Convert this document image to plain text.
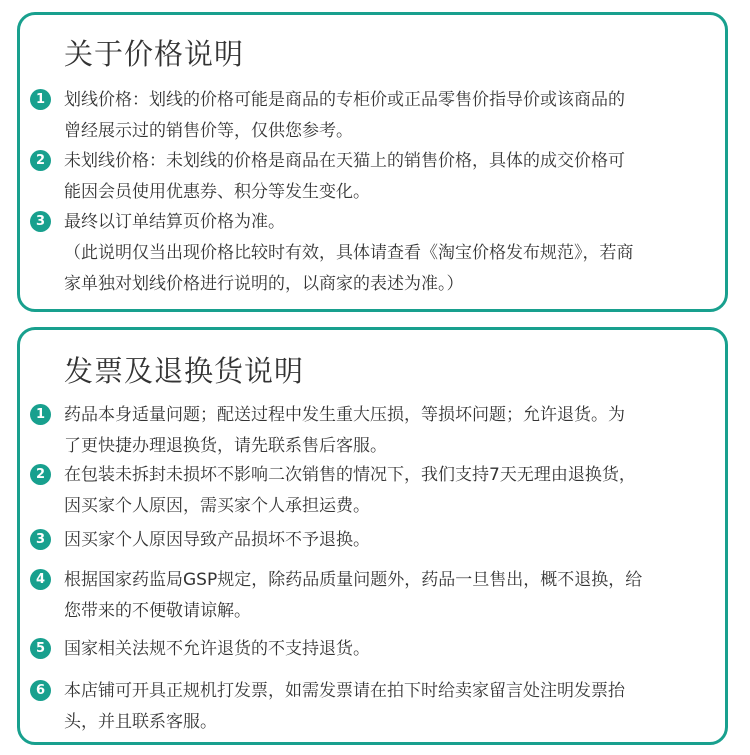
关于价格说明
1	划线价格：划线的价格可能是商品的专柜价或正品零售价指导价或该商品的
曾经展示过的销售价等，仅供您参考。
2	未划线价格：未划线的价格是商品在天猫上的销售价格，具体的成交价格可
能因会员使用优惠券、积分等发生变化。
3	最终以订单结算页价格为准。
（此说明仅当出现价格比较时有效，具体请查看《淘宝价格发布规范》，若商
家单独对划线价格进行说明的，以商家的表述为准。）
发票及退换货说明
1	药品本身适量问题；配送过程中发生重大压损，等损坏问题；允许退货。为
了更快捷办理退换货，请先联系售后客服。
2	在包装未拆封未损坏不影响二次销售的情况下，我们支持7天无理由退换货，
因买家个人原因，需买家个人承担运费。
3	因买家个人原因导致产品损坏不予退换。
4	根据国家药监局GSP规定，除药品质量问题外，药品一旦售出，概不退换，给
您带来的不便敬请谅解。
5	国家相关法规不允许退货的不支持退货。
6	本店铺可开具正规机打发票，如需发票请在拍下时给卖家留言处注明发票抬
头，并且联系客服。
